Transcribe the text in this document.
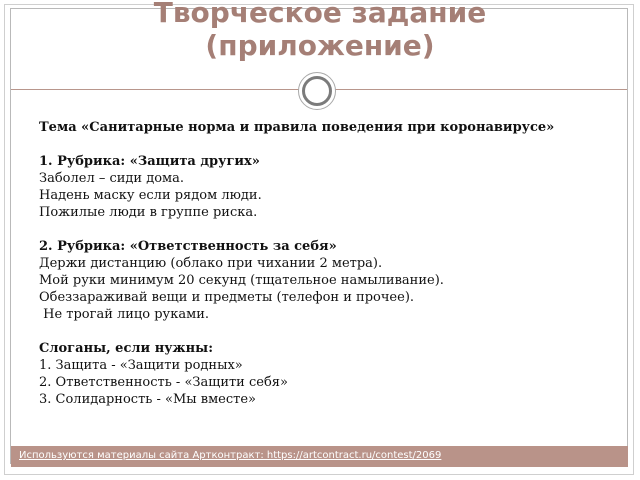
Творческое задание
(приложение)

Тема «Санитарные норма и правила поведения при коронавирусе»

1. Рубрика: «Защита других»

Заболел – сиди дома.

Надень маску если рядом люди.

Пожилые люди в группе риска.

2. Рубрика: «Ответственность за себя»

Держи дистанцию (облако при чихании 2 метра).

Мой руки минимум 20 секунд (тщательное намыливание).

Обеззараживай вещи и предметы (телефон и прочее).

Не трогай лицо руками.

Слоганы, если нужны:

1. Защита - «Защити родных»

2. Ответственность - «Защити себя»

3. Солидарность - «Мы вместе»

Используются материалы сайта Артконтракт: https://artcontract.ru/contest/2069
